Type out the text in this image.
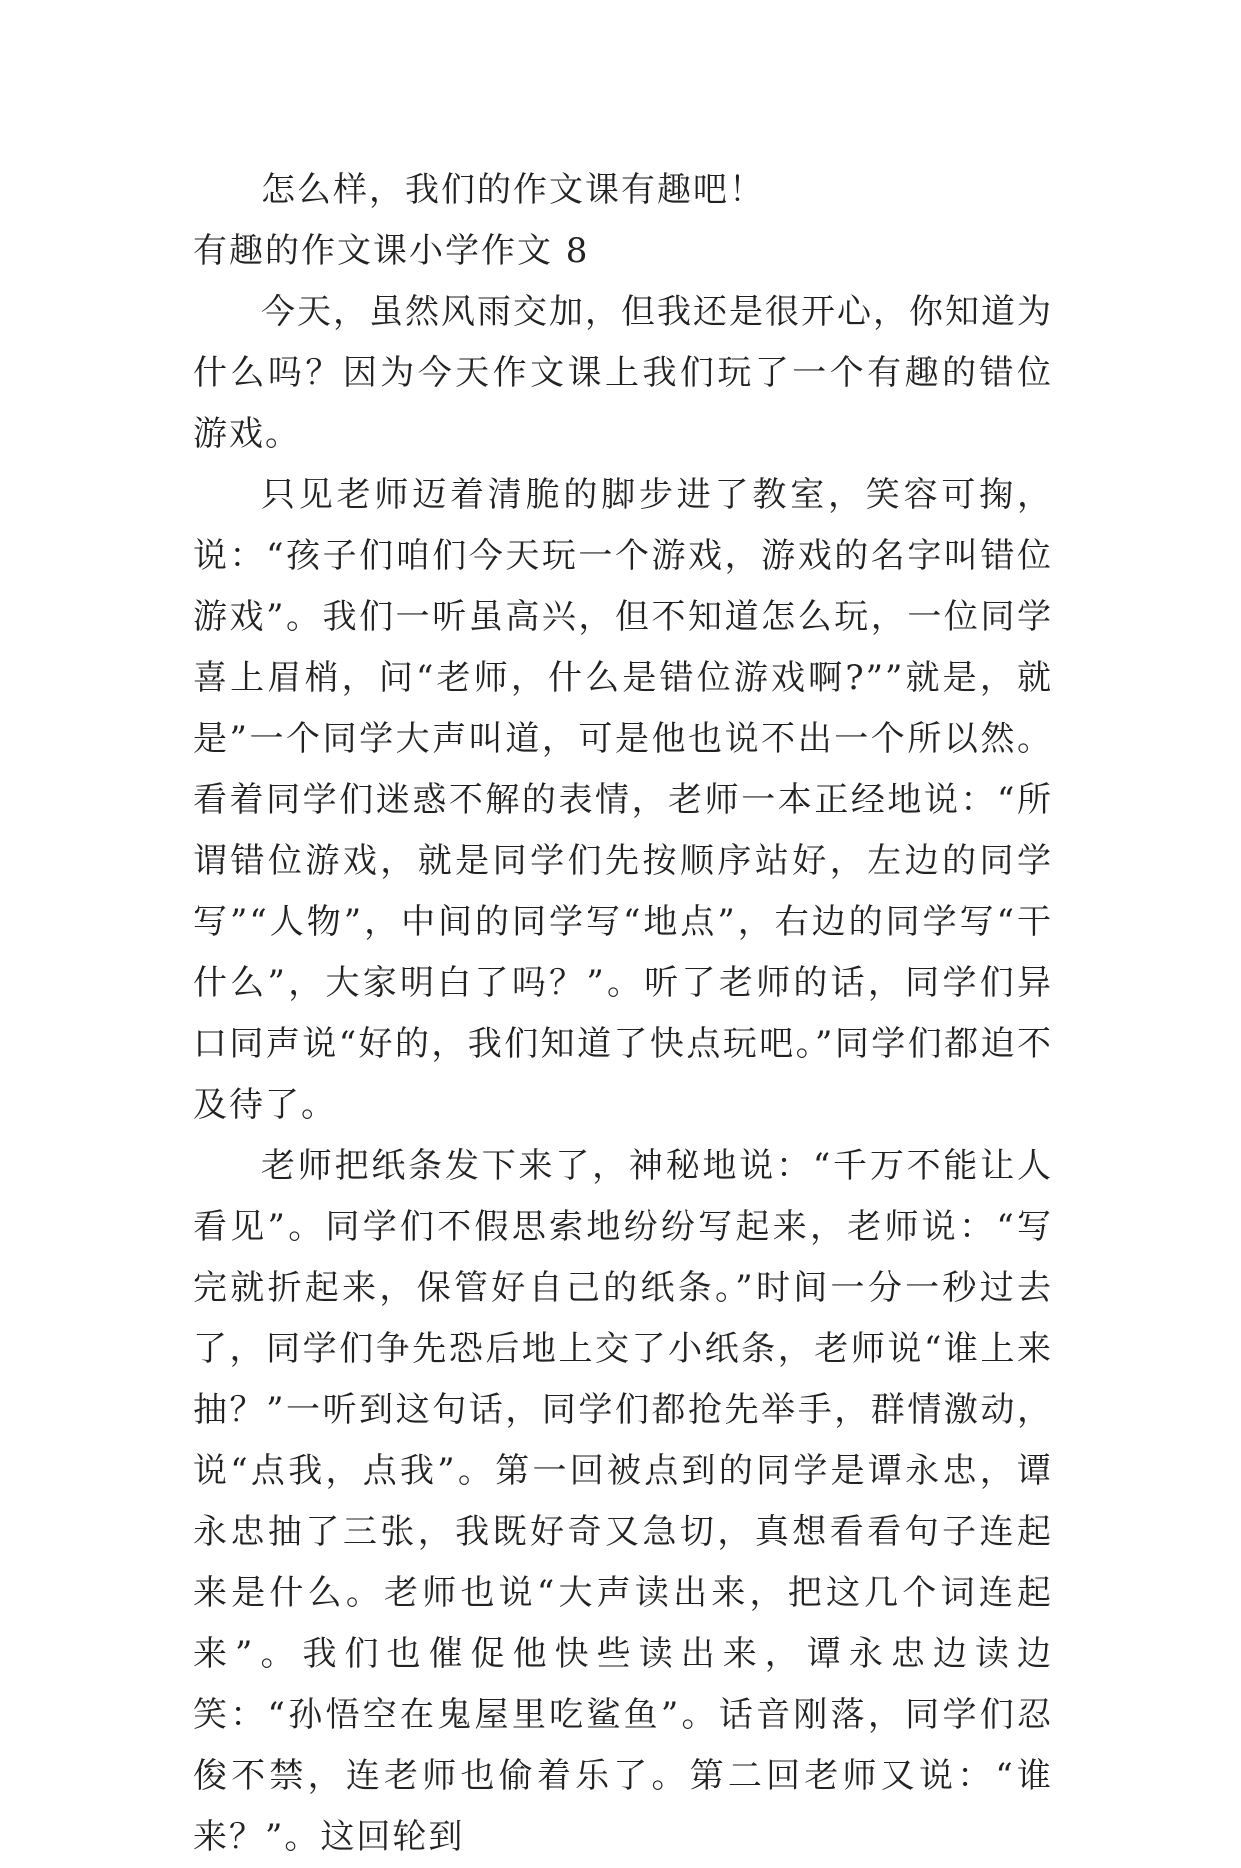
怎么样，我们的作文课有趣吧！

有趣的作文课小学作文 8

今天，虽然风雨交加，但我还是很开心，你知道为什么吗？因为今天作文课上我们玩了一个有趣的错位游戏。

只见老师迈着清脆的脚步进了教室，笑容可掬，说：“孩子们咱们今天玩一个游戏，游戏的名字叫错位游戏”。我们一听虽高兴，但不知道怎么玩，一位同学喜上眉梢，问“老师，什么是错位游戏啊?””就是，就是”一个同学大声叫道，可是他也说不出一个所以然。看着同学们迷惑不解的表情，老师一本正经地说：“所谓错位游戏，就是同学们先按顺序站好，左边的同学写”“人物”，中间的同学写“地点”，右边的同学写“干什么”，大家明白了吗？”。听了老师的话，同学们异口同声说“好的，我们知道了快点玩吧。”同学们都迫不及待了。

老师把纸条发下来了，神秘地说：“千万不能让人看见”。同学们不假思索地纷纷写起来，老师说：“写完就折起来，保管好自己的纸条。”时间一分一秒过去了，同学们争先恐后地上交了小纸条，老师说“谁上来抽？”一听到这句话，同学们都抢先举手，群情激动，说“点我，点我”。第一回被点到的同学是谭永忠，谭永忠抽了三张，我既好奇又急切，真想看看句子连起来是什么。老师也说“大声读出来，把这几个词连起来”。我们也催促他快些读出来，谭永忠边读边笑：“孙悟空在鬼屋里吃鲨鱼”。话音刚落，同学们忍俊不禁，连老师也偷着乐了。第二回老师又说：“谁来？”。这回轮到
